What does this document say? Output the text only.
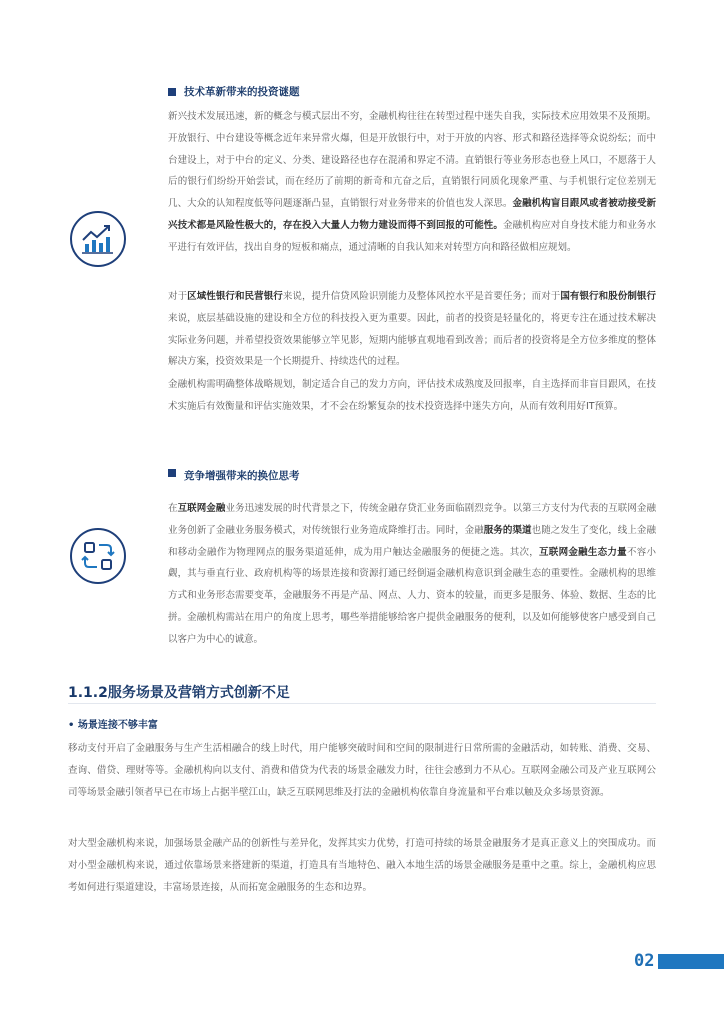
技术革新带来的投资谜题

新兴技术发展迅速，新的概念与模式层出不穷，金融机构往往在转型过程中迷失自我，实际技术应用效果不及预期。开放银行、中台建设等概念近年来异常火爆，但是开放银行中，对于开放的内容、形式和路径选择等众说纷纭；而中台建设上，对于中台的定义、分类、建设路径也存在混淆和界定不清。直销银行等业务形态也登上风口，不愿落于人后的银行们纷纷开始尝试，而在经历了前期的新奇和亢奋之后，直销银行同质化现象严重、与手机银行定位差别无几、大众的认知程度低等问题逐渐凸显，直销银行对业务带来的价值也发人深思。金融机构盲目跟风或者被动接受新兴技术都是风险性极大的，存在投入大量人力物力建设而得不到回报的可能性。金融机构应对自身技术能力和业务水平进行有效评估，找出自身的短板和痛点，通过清晰的自我认知来对转型方向和路径做相应规划。

对于区域性银行和民营银行来说，提升信贷风险识别能力及整体风控水平是首要任务；而对于国有银行和股份制银行来说，底层基础设施的建设和全方位的科技投入更为重要。因此，前者的投资是轻量化的，将更专注在通过技术解决实际业务问题，并希望投资效果能够立竿见影，短期内能够直观地看到改善；而后者的投资将是全方位多维度的整体解决方案，投资效果是一个长期提升、持续迭代的过程。

金融机构需明确整体战略规划，制定适合自己的发力方向，评估技术成熟度及回报率，自主选择而非盲目跟风，在技术实施后有效衡量和评估实施效果，才不会在纷繁复杂的技术投资选择中迷失方向，从而有效利用好IT预算。

竞争增强带来的换位思考

在互联网金融业务迅速发展的时代背景之下，传统金融存贷汇业务面临剧烈竞争。以第三方支付为代表的互联网金融业务创新了金融业务服务模式，对传统银行业务造成降维打击。同时，金融服务的渠道也随之发生了变化，线上金融和移动金融作为物理网点的服务渠道延伸，成为用户触达金融服务的便捷之选。其次，互联网金融生态力量不容小觑，其与垂直行业、政府机构等的场景连接和资源打通已经倒逼金融机构意识到金融生态的重要性。金融机构的思维方式和业务形态需要变革，金融服务不再是产品、网点、人力、资本的较量，而更多是服务、体验、数据、生态的比拼。金融机构需站在用户的角度上思考，哪些举措能够给客户提供金融服务的便利，以及如何能够使客户感受到自己以客户为中心的诚意。

1.1.2服务场景及营销方式创新不足
• 场景连接不够丰富

移动支付开启了金融服务与生产生活相融合的线上时代，用户能够突破时间和空间的限制进行日常所需的金融活动，如转账、消费、交易、查询、借贷、理财等等。金融机构向以支付、消费和借贷为代表的场景金融发力时，往往会感到力不从心。互联网金融公司及产业互联网公司等场景金融引领者早已在市场上占据半壁江山，缺乏互联网思维及打法的金融机构依靠自身流量和平台难以触及众多场景资源。

对大型金融机构来说，加强场景金融产品的创新性与差异化，发挥其实力优势，打造可持续的场景金融服务才是真正意义上的突围成功。而对小型金融机构来说，通过依靠场景来搭建新的渠道，打造具有当地特色、融入本地生活的场景金融服务是重中之重。综上，金融机构应思考如何进行渠道建设，丰富场景连接，从而拓宽金融服务的生态和边界。

02
